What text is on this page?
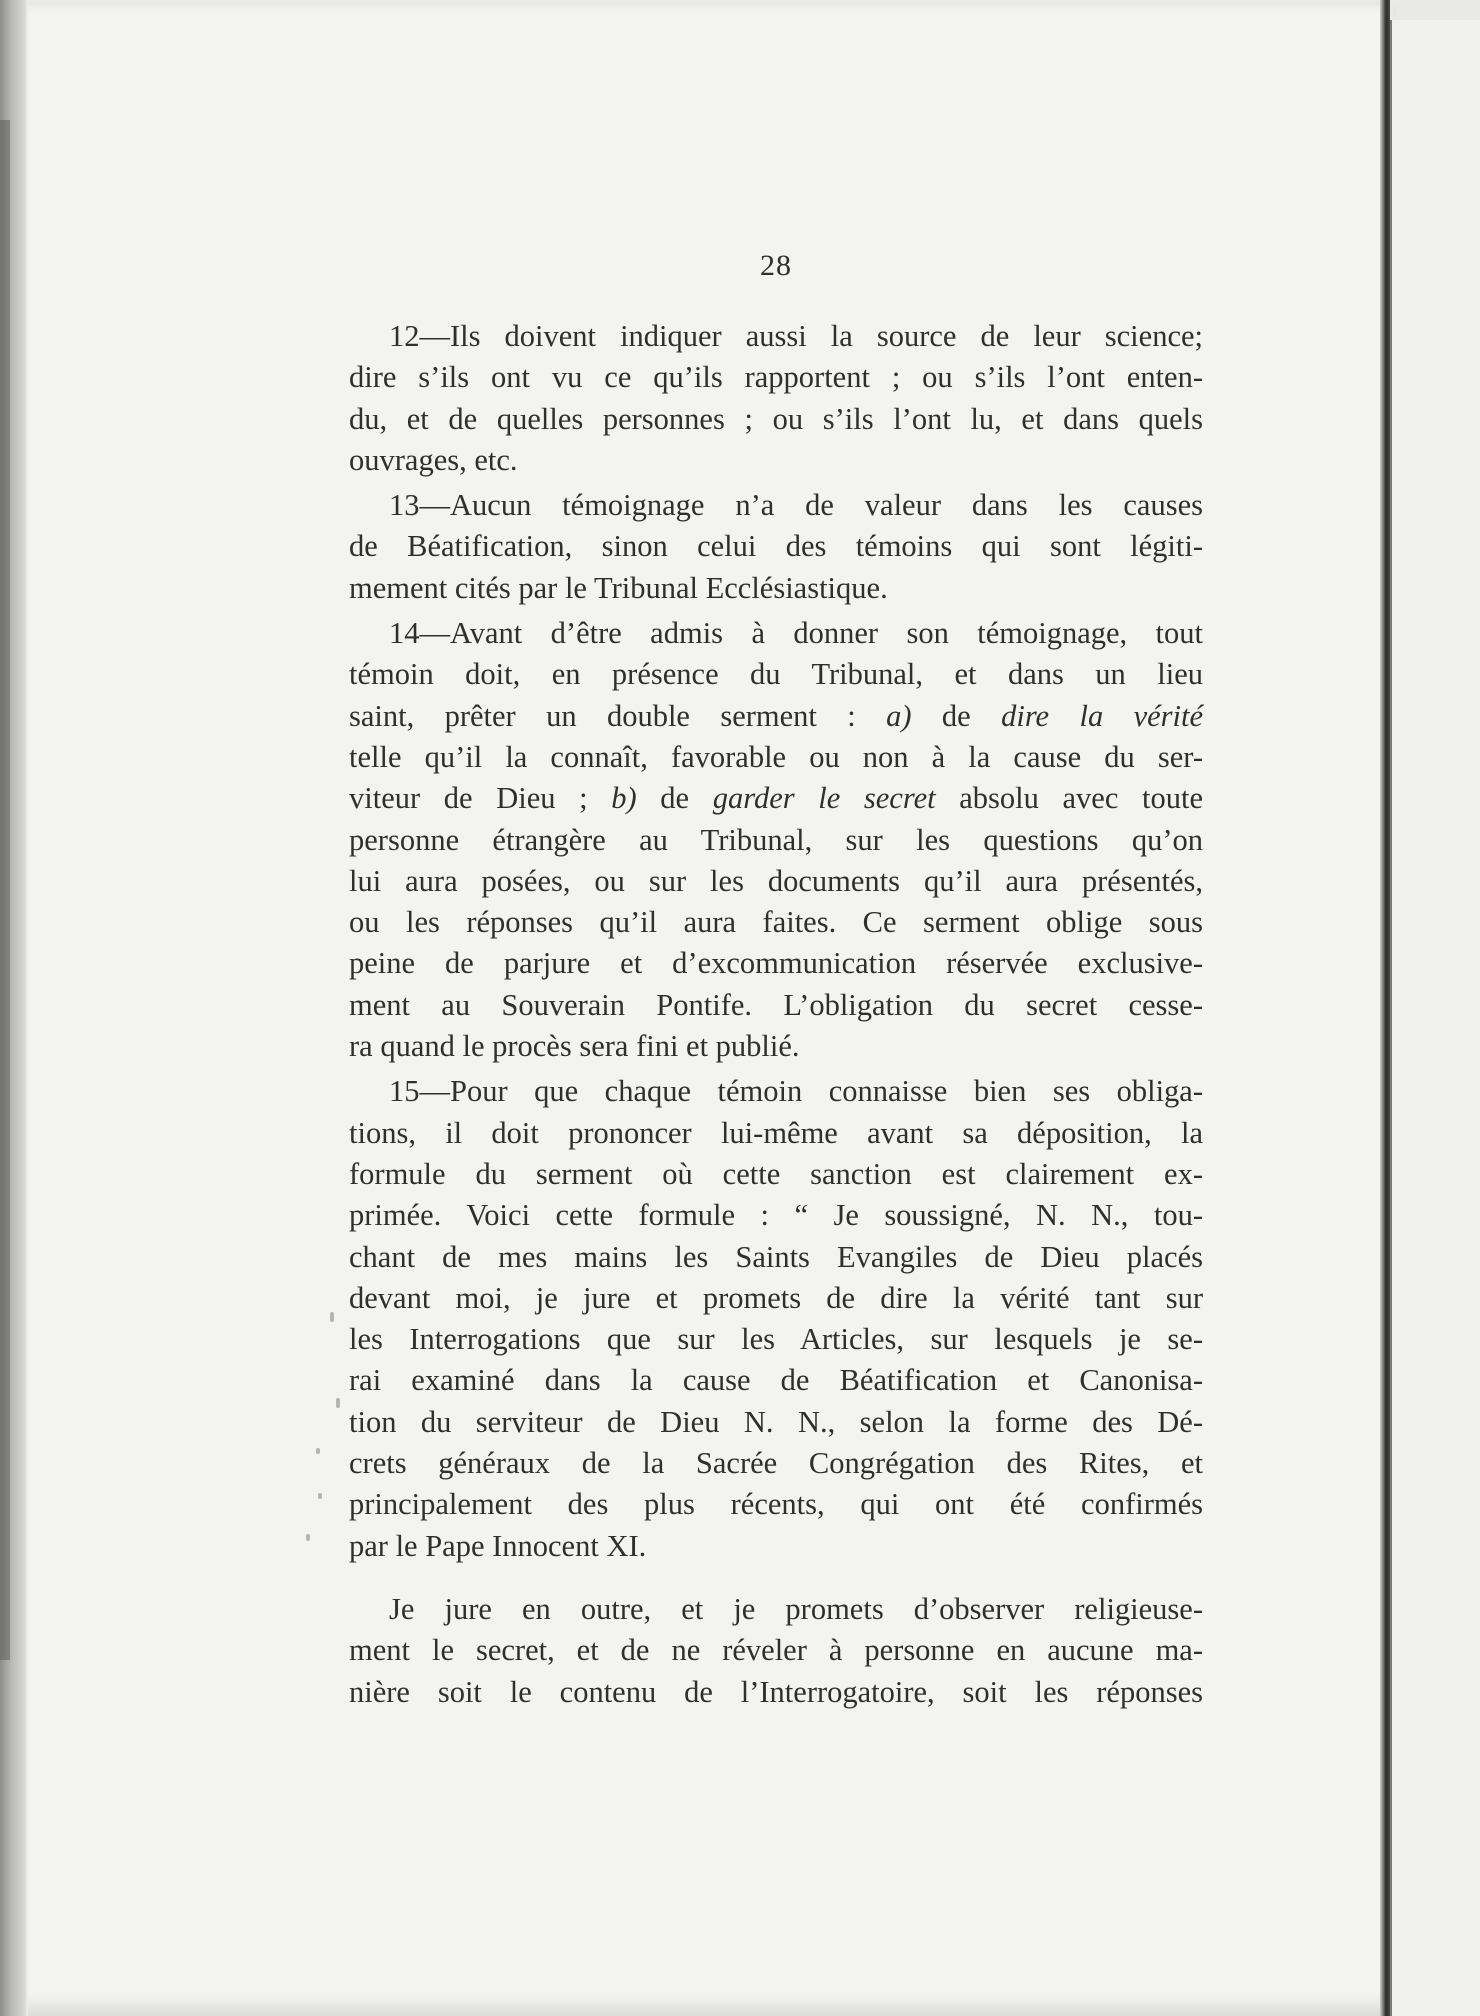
28
12—Ils doivent indiquer aussi la source de leur science;
dire s’ils ont vu ce qu’ils rapportent ; ou s’ils l’ont enten-
du, et de quelles personnes ; ou s’ils l’ont lu, et dans quels
ouvrages, etc.
13—Aucun témoignage n’a de valeur dans les causes
de Béatification, sinon celui des témoins qui sont légiti-
mement cités par le Tribunal Ecclésiastique.
14—Avant d’être admis à donner son témoignage, tout
témoin doit, en présence du Tribunal, et dans un lieu
saint, prêter un double serment : a) de dire la vérité
telle qu’il la connaît, favorable ou non à la cause du ser-
viteur de Dieu ; b) de garder le secret absolu avec toute
personne étrangère au Tribunal, sur les questions qu’on
lui aura posées, ou sur les documents qu’il aura présentés,
ou les réponses qu’il aura faites. Ce serment oblige sous
peine de parjure et d’excommunication réservée exclusive-
ment au Souverain Pontife. L’obligation du secret cesse-
ra quand le procès sera fini et publié.
15—Pour que chaque témoin connaisse bien ses obliga-
tions, il doit prononcer lui-même avant sa déposition, la
formule du serment où cette sanction est clairement ex-
primée. Voici cette formule : “ Je soussigné, N. N., tou-
chant de mes mains les Saints Evangiles de Dieu placés
devant moi, je jure et promets de dire la vérité tant sur
les Interrogations que sur les Articles, sur lesquels je se-
rai examiné dans la cause de Béatification et Canonisa-
tion du serviteur de Dieu N. N., selon la forme des Dé-
crets généraux de la Sacrée Congrégation des Rites, et
principalement des plus récents, qui ont été confirmés
par le Pape Innocent XI.
Je jure en outre, et je promets d’observer religieuse-
ment le secret, et de ne réveler à personne en aucune ma-
nière soit le contenu de l’Interrogatoire, soit les réponses
